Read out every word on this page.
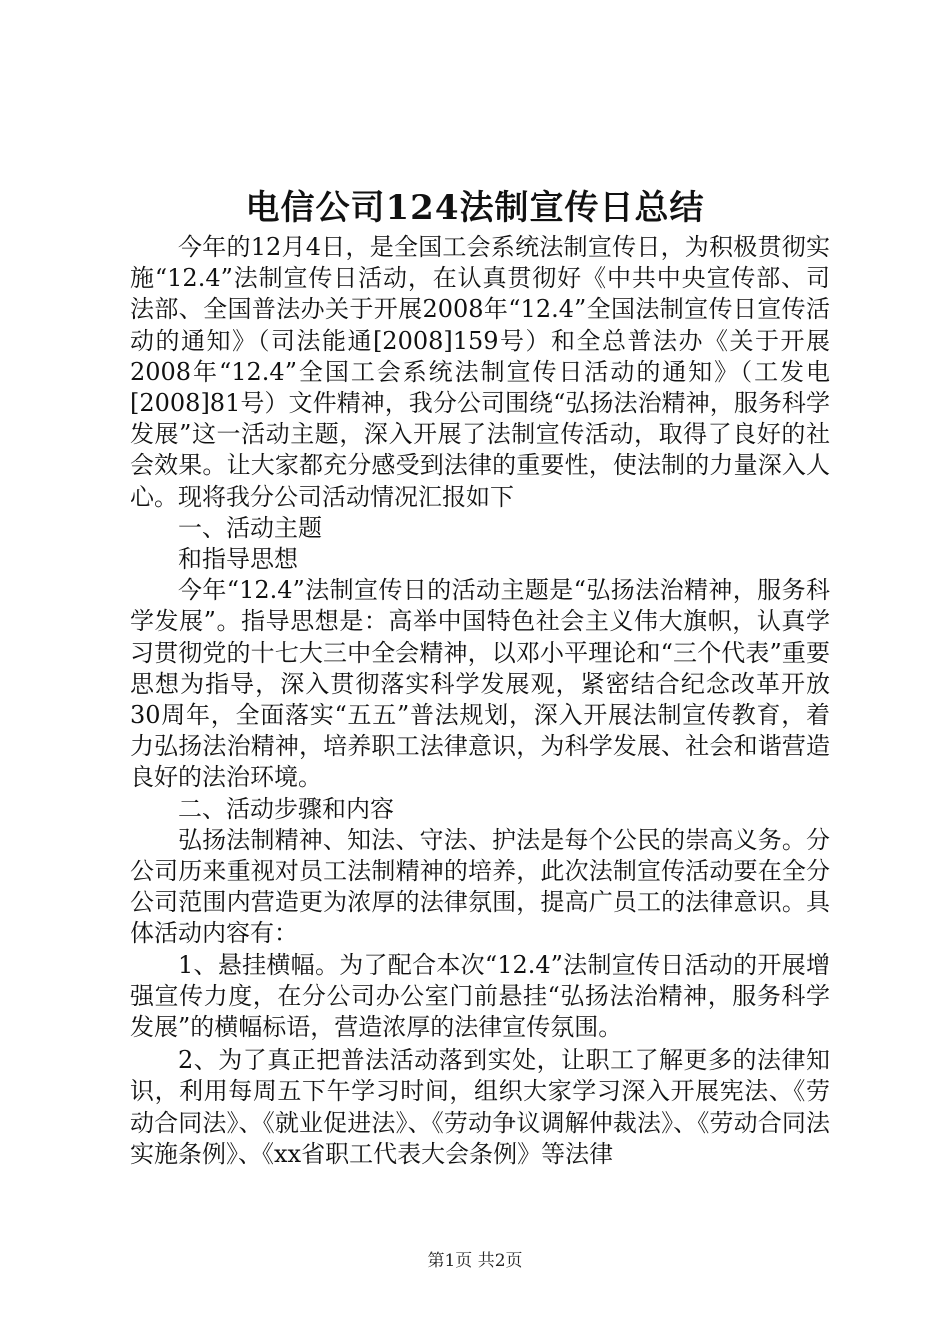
电信公司124法制宣传日总结

今年的12月4日，是全国工会系统法制宣传日，为积极贯彻实施“12.4”法制宣传日活动，在认真贯彻好《中共中央宣传部、司法部、全国普法办关于开展2008年“12.4”全国法制宣传日宣传活动的通知》（司法能通[2008]159号）和全总普法办《关于开展2008年“12.4”全国工会系统法制宣传日活动的通知》（工发电[2008]81号）文件精神，我分公司围绕“弘扬法治精神，服务科学发展”这一活动主题，深入开展了法制宣传活动，取得了良好的社会效果。让大家都充分感受到法律的重要性，使法制的力量深入人心。现将我分公司活动情况汇报如下

一、活动主题

和指导思想

今年“12.4”法制宣传日的活动主题是“弘扬法治精神，服务科学发展”。指导思想是：高举中国特色社会主义伟大旗帜，认真学习贯彻党的十七大三中全会精神，以邓小平理论和“三个代表”重要思想为指导，深入贯彻落实科学发展观，紧密结合纪念改革开放30周年，全面落实“五五”普法规划，深入开展法制宣传教育，着力弘扬法治精神，培养职工法律意识，为科学发展、社会和谐营造良好的法治环境。

二、活动步骤和内容

弘扬法制精神、知法、守法、护法是每个公民的崇高义务。分公司历来重视对员工法制精神的培养，此次法制宣传活动要在全分公司范围内营造更为浓厚的法律氛围，提高广员工的法律意识。具体活动内容有：

1、悬挂横幅。为了配合本次“12.4”法制宣传日活动的开展增强宣传力度，在分公司办公室门前悬挂“弘扬法治精神，服务科学发展”的横幅标语，营造浓厚的法律宣传氛围。

2、为了真正把普法活动落到实处，让职工了解更多的法律知识，利用每周五下午学习时间，组织大家学习深入开展宪法、《劳动合同法》、《就业促进法》、《劳动争议调解仲裁法》、《劳动合同法实施条例》、《xx省职工代表大会条例》等法律

第1页 共2页
